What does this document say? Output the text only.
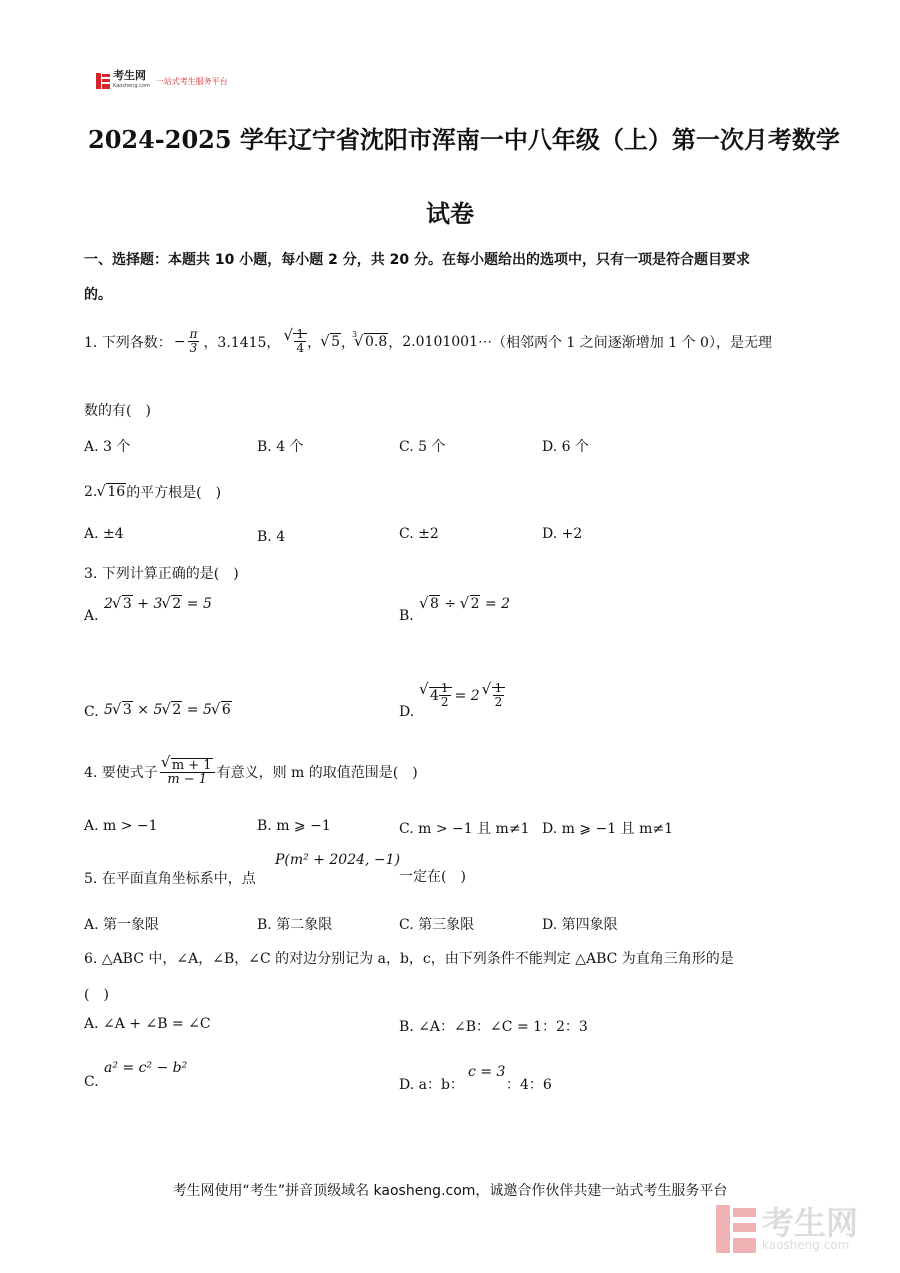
考生网
Kaosheng.com
一站式考生服务平台
2024-2025 学年辽宁省沈阳市浑南一中八年级（上）第一次月考数学
试卷
一、选择题：本题共 10 小题，每小题 2 分，共 20 分。在每小题给出的选项中，只有一项是符合题目要求
的。
1. 下列各数： − $\frac{\pi}{3}$ ，3.1415， √ $\frac{1}{4}$ ， √ 5 ，
√ 3 0.8 ， 2.0101001⋯ （相邻两个 1 之间逐渐增加 1 个 0），是无理
数的有(　)
A. 3 个	B. 4 个	C. 5 个	D. 6 个
2. √ 16 的平方根是(　)
A. ±4	B. 4	C. ±2	D. +2
3. 下列计算正确的是(　)
A.
2 √ 3 + 3 √ 2 = 5
B.
√ 8 ÷ √ 2 = 2
C. 5 √ 3 × 5 √ 2 = 5 √ 6	D.
√ $4 \frac{1}{2} = 2$ √ $\frac{1}{2}$
4. 要使式子 √ $\frac{m + 1}{m - 1}$ 有意义，则 m 的取值范围是(　)
A. m > −1	B. m ⩾ −1	C. m > −1 且 m≠1 D. m ⩾ −1 且 m≠1
5. 在平面直角坐标系中，点
P(m² + 2024, −1)
一定在(　)
A. 第一象限	B. 第二象限	C. 第三象限	D. 第四象限
6. △ABC 中，∠A，∠B，∠C 的对边分别记为 a，b，c，由下列条件不能判定 △ABC 为直角三角形的是
(　)
A. ∠A + ∠B = ∠C	B. ∠A：∠B：∠C = 1：2：3
C.
a² = c² − b²
D. a：b：
c = 3
：4：6
考生网使用“考生”拼音顶级域名 kaosheng.com，诚邀合作伙伴共建一站式考生服务平台
考生网
kaosheng.com
